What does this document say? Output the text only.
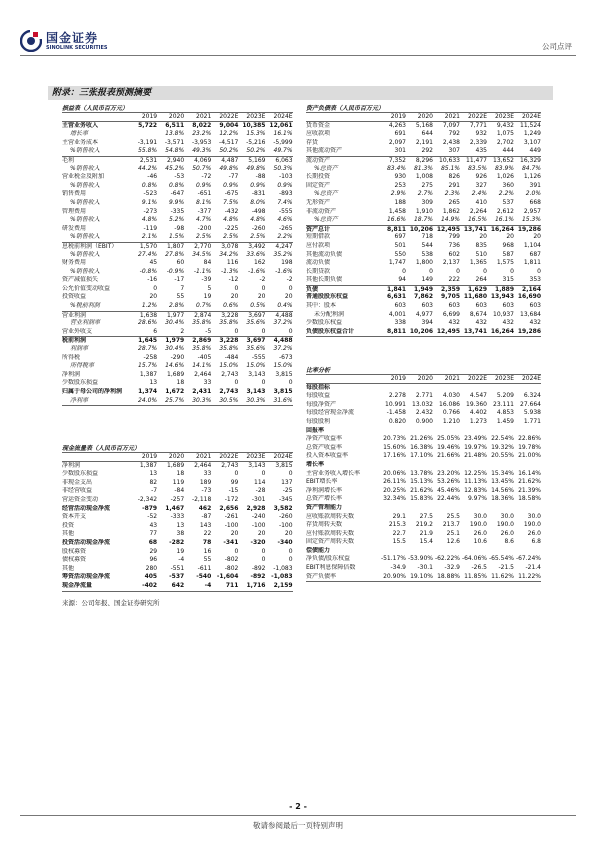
国金证券
SINOLINK SECURITIES	公司点评
附录：三张报表预测摘要
损益表（人民币百万元）
2019	2020	2021	2022E	2023E	2024E
主营业务收入	5,722	6,511	8,022	9,004 10,385 12,061
增长率	13.8%	23.2%	12.2%	15.3%	16.1%
主营业务成本	-3,191	-3,571	-3,953	-4,517	-5,216	-5,999
%销售收入	55.8%	54.8%	49.3%	50.2%	50.2%	49.7%
毛利	2,531	2,940	4,069	4,487	5,169	6,063
%销售收入	44.2%	45.2%	50.7%	49.8%	49.8%	50.3%
营业税金及附加	-46	-53	-72	-77	-88	-103
%销售收入	0.8%	0.8%	0.9%	0.9%	0.9%	0.9%
销售费用	-523	-647	-651	-675	-831	-893
%销售收入	9.1%	9.9%	8.1%	7.5%	8.0%	7.4%
管理费用	-273	-335	-377	-432	-498	-555
%销售收入	4.8%	5.2%	4.7%	4.8%	4.8%	4.6%
研发费用	-119	-98	-200	-225	-260	-265
%销售收入	2.1%	1.5%	2.5%	2.5%	2.5%	2.2%
息税前利润（EBIT）	1,570	1,807	2,770	3,078	3,492	4,247
%销售收入	27.4%	27.8%	34.5%	34.2%	33.6%	35.2%
财务费用	45	60	84	116	162	198
%销售收入	-0.8%	-0.9%	-1.1%	-1.3%	-1.6%	-1.6%
资产减值损失	-16	-17	-39	-12	-2	-2
公允价值变动收益	0	7	5	0	0	0
投资收益	20	55	19	20	20	20
%税前利润	1.2%	2.8%	0.7%	0.6%	0.5%	0.4%
营业利润	1,638	1,977	2,874	3,228	3,697	4,488
营业利润率	28.6%	30.4%	35.8%	35.8%	35.6%	37.2%
营业外收支	6	2	-5	0	0	0
税前利润	1,645	1,979	2,869	3,228	3,697	4,488
利润率	28.7%	30.4%	35.8%	35.8%	35.6%	37.2%
所得税	-258	-290	-405	-484	-555	-673
所得税率	15.7%	14.6%	14.1%	15.0%	15.0%	15.0%
净利润	1,387	1,689	2,464	2,743	3,143	3,815
少数股东损益	13	18	33	0	0	0
归属于母公司的净利润	1,374	1,672	2,431	2,743	3,143	3,815
净利率	24.0%	25.7%	30.3%	30.5%	30.3%	31.6%
资产负债表（人民币百万元）
2019	2020	2021	2022E	2023E	2024E
货币资金	4,263	5,168	7,097	7,771	9,432	11,524
应收款项	691	644	792	932	1,075	1,249
存货	2,097	2,191	2,438	2,339	2,702	3,107
其他流动资产	301	292	307	435	444	449
流动资产	7,352	8,296	10,633	11,477	13,652	16,329
%总资产	83.4%	81.3%	85.1%	83.5%	83.9%	84.7%
长期投资	930	1,008	826	926	1,026	1,126
固定资产	253	275	291	327	360	391
%总资产	2.9%	2.7%	2.3%	2.4%	2.2%	2.0%
无形资产	188	309	265	410	537	668
非流动资产	1,458	1,910	1,862	2,264	2,612	2,957
%总资产	16.6%	18.7%	14.9%	16.5%	16.1%	15.3%
资产总计	8,811 10,206 12,495 13,741 16,264 19,286
短期借款	697	718	799	20	20	20
应付款项	501	544	736	835	968	1,104
其他流动负债	550	538	602	510	587	687
流动负债	1,747	1,800	2,137	1,365	1,575	1,811
长期贷款	0	0	0	0	0	0
其他长期负债	94	149	222	264	315	353
负债	1,841	1,949	2,359	1,629	1,889	2,164
普通股股东权益	6,631	7,862	9,705 11,680 13,943 16,690
其中：股本	603	603	603	603	603	603
未分配利润	4,001	4,977	6,699	8,674	10,937	13,684
少数股东权益	338	394	432	432	432	432
负债股东权益合计	8,811 10,206 12,495 13,741 16,264 19,286
比率分析
2019	2020	2021	2022E	2023E	2024E
每股指标
每股收益	2.278	2.771	4.030	4.547	5.209	6.324
每股净资产	10.991	13.032	16.086	19.360	23.111	27.664
每股经营现金净流	-1.458	2.432	0.766	4.402	4.853	5.938
每股股利	0.820	0.900	1.210	1.273	1.459	1.771
回报率
净资产收益率	20.73% 21.26% 25.05% 23.49% 22.54% 22.86%
总资产收益率	15.60% 16.38% 19.46% 19.97% 19.32% 19.78%
投入资本收益率	17.16% 17.10% 21.66% 21.48% 20.55% 21.00%
增长率
主营业务收入增长率	20.06% 13.78% 23.20% 12.25% 15.34% 16.14%
EBIT增长率	26.11% 15.13% 53.26% 11.13% 13.45% 21.62%
净利润增长率	20.25% 21.62% 45.46% 12.83% 14.56% 21.39%
总资产增长率	32.34% 15.83% 22.44%	9.97% 18.36% 18.58%
资产管理能力
应收账款周转天数	29.1	27.5	25.5	30.0	30.0	30.0
存货周转天数	215.3	219.2	213.7	190.0	190.0	190.0
应付账款周转天数	22.7	21.9	25.1	26.0	26.0	26.0
固定资产周转天数	15.5	15.4	12.6	10.6	8.6	6.8
偿债能力
净负债/股东权益	-51.17% -53.90% -62.22% -64.06% -65.54% -67.24%
EBIT利息保障倍数	-34.9	-30.1	-32.9	-26.5	-21.5	-21.4
资产负债率	20.90% 19.10% 18.88% 11.85% 11.62% 11.22%
现金流量表（人民币百万元）
2019	2020	2021	2022E	2023E	2024E
净利润	1,387	1,689	2,464	2,743	3,143	3,815
少数股东损益	13	18	33	0	0	0
非现金支出	82	119	189	99	114	137
非经营收益	-7	-84	-73	-15	-28	-25
营运资金变动	-2,342	-257	-2,118	-172	-301	-345
经营活动现金净流	-879	1,467	462	2,656	2,928	3,582
资本开支	-52	-333	-87	-261	-240	-260
投资	43	13	143	-100	-100	-100
其他	77	38	22	20	20	20
投资活动现金净流	68	-282	78	-341	-320	-340
股权募资	29	19	16	0	0	0
债权募资	96	-4	55	-802	0	0
其他	280	-551	-611	-802	-892	-1,083
筹资活动现金净流	405	-537	-540 -1,604	-892 -1,083
现金净流量	-402	642	-4	711	1,716	2,159
来源：公司年报、国金证券研究所
- 2 -
敬请参阅最后一页特别声明
